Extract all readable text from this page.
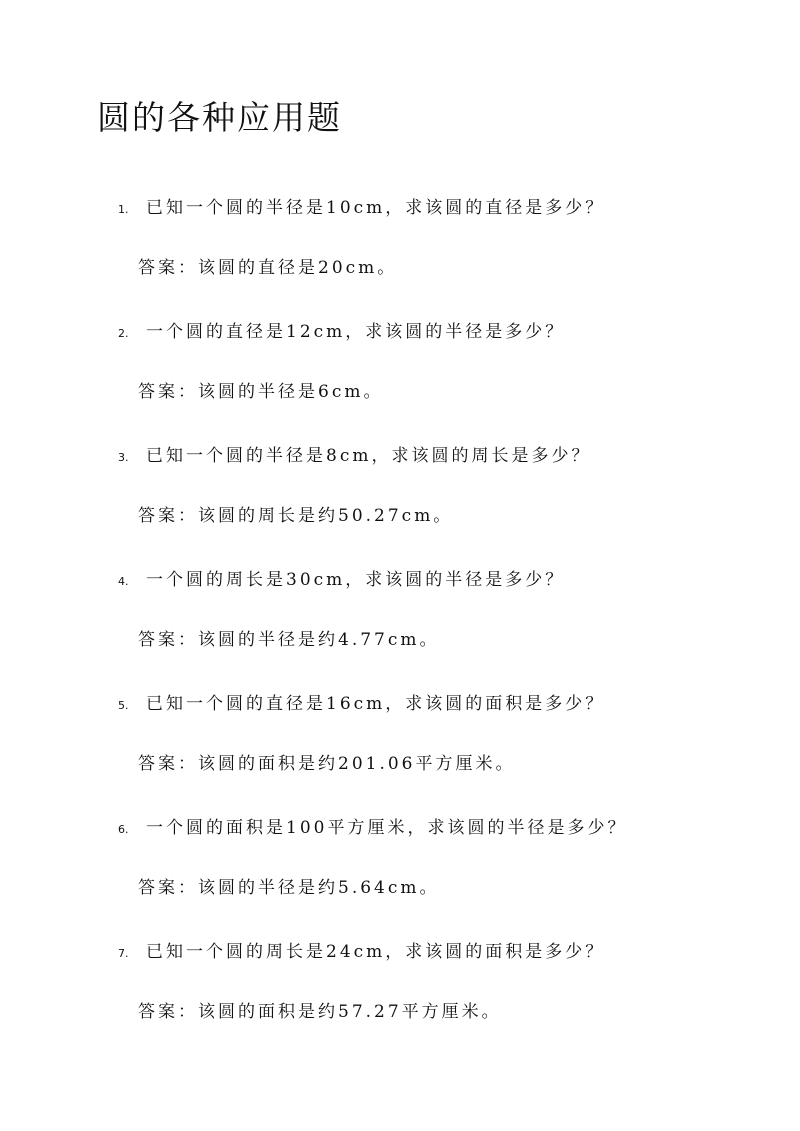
圆的各种应用题
1. 已知一个圆的半径是10cm，求该圆的直径是多少？
答案：该圆的直径是20cm。
2. 一个圆的直径是12cm，求该圆的半径是多少？
答案：该圆的半径是6cm。
3. 已知一个圆的半径是8cm，求该圆的周长是多少？
答案：该圆的周长是约50.27cm。
4. 一个圆的周长是30cm，求该圆的半径是多少？
答案：该圆的半径是约4.77cm。
5. 已知一个圆的直径是16cm，求该圆的面积是多少？
答案：该圆的面积是约201.06平方厘米。
6. 一个圆的面积是100平方厘米，求该圆的半径是多少？
答案：该圆的半径是约5.64cm。
7. 已知一个圆的周长是24cm，求该圆的面积是多少？
答案：该圆的面积是约57.27平方厘米。
